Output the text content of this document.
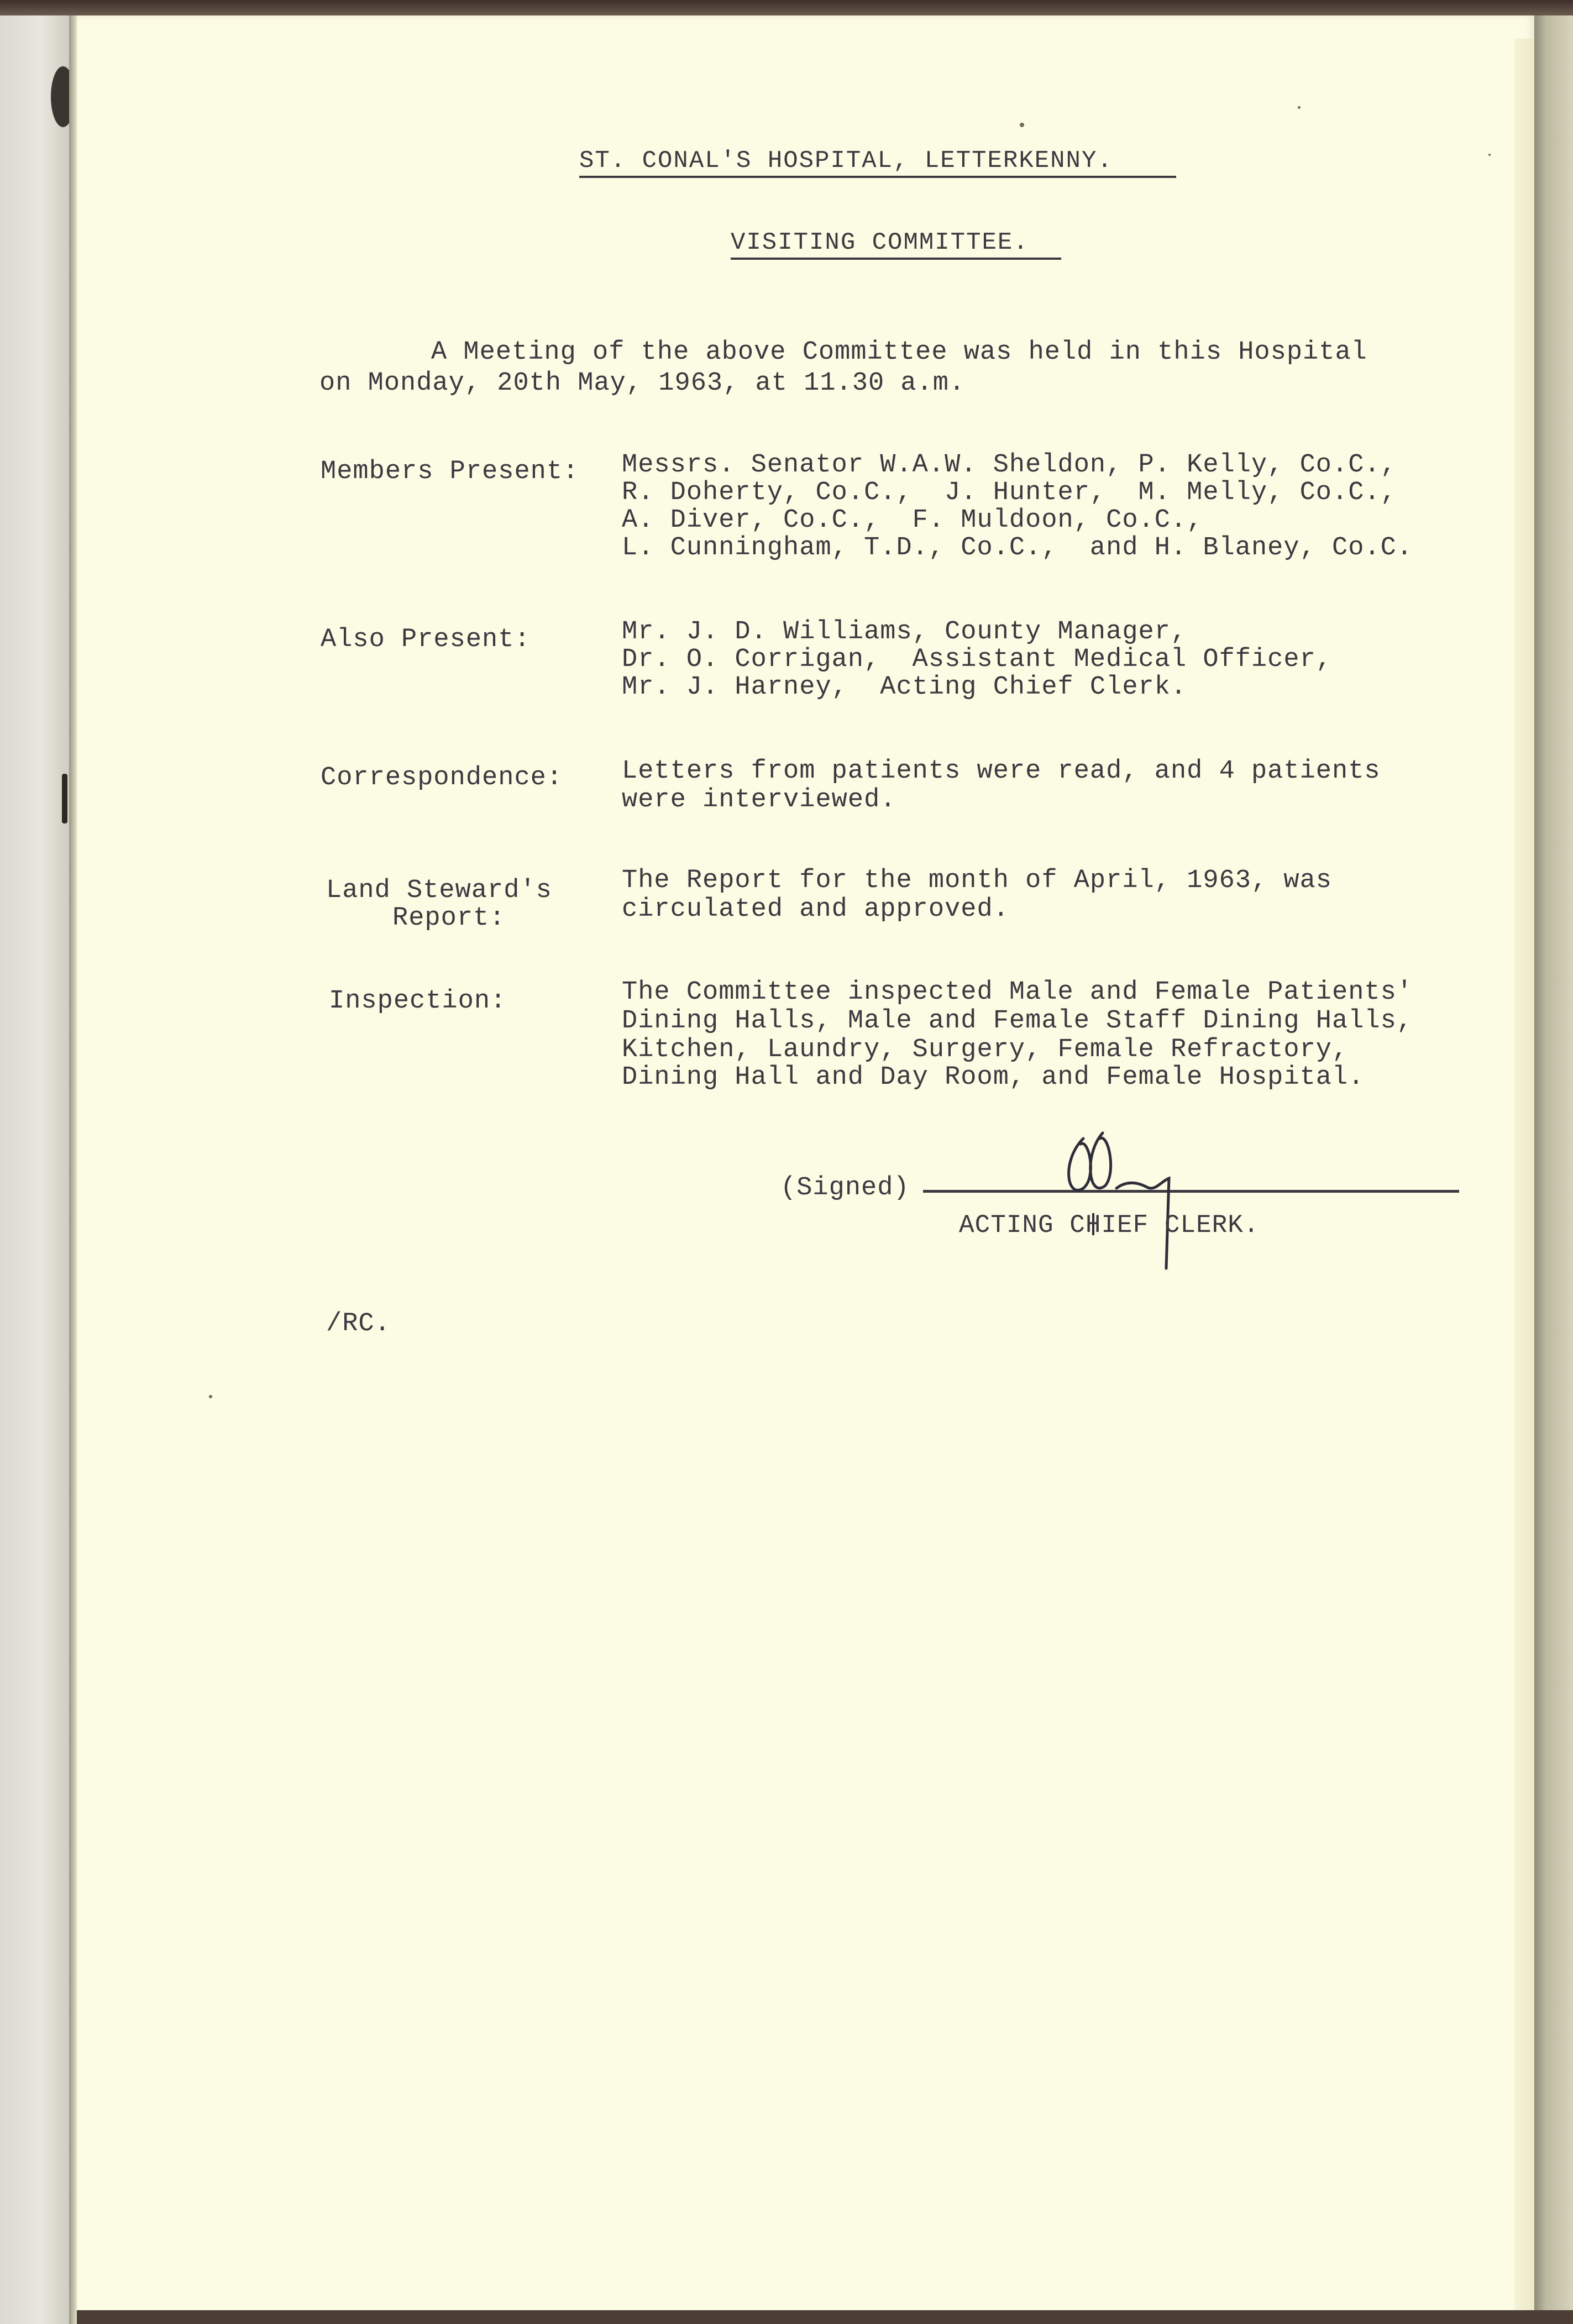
ST. CONAL'S HOSPITAL, LETTERKENNY.
VISITING COMMITTEE.
A Meeting of the above Committee was held in this Hospital
on Monday, 20th May, 1963, at 11.30 a.m.
Members Present: Messrs. Senator W.A.W. Sheldon, P. Kelly, Co.C.,
R. Doherty, Co.C.,  J. Hunter,  M. Melly, Co.C.,
A. Diver, Co.C.,  F. Muldoon, Co.C.,
L. Cunningham, T.D., Co.C.,  and H. Blaney, Co.C.
Also Present:	Mr. J. D. Williams, County Manager,
Dr. O. Corrigan,  Assistant Medical Officer,
Mr. J. Harney,  Acting Chief Clerk.
Correspondence: Letters from patients were read, and 4 patients
were interviewed.
Land Steward's
Report:
The Report for the month of April, 1963, was
circulated and approved.
Inspection:	The Committee inspected Male and Female Patients'
Dining Halls, Male and Female Staff Dining Halls,
Kitchen, Laundry, Surgery, Female Refractory,
Dining Hall and Day Room, and Female Hospital.
(Signed)
ACTING CHIEF CLERK.
/RC.
